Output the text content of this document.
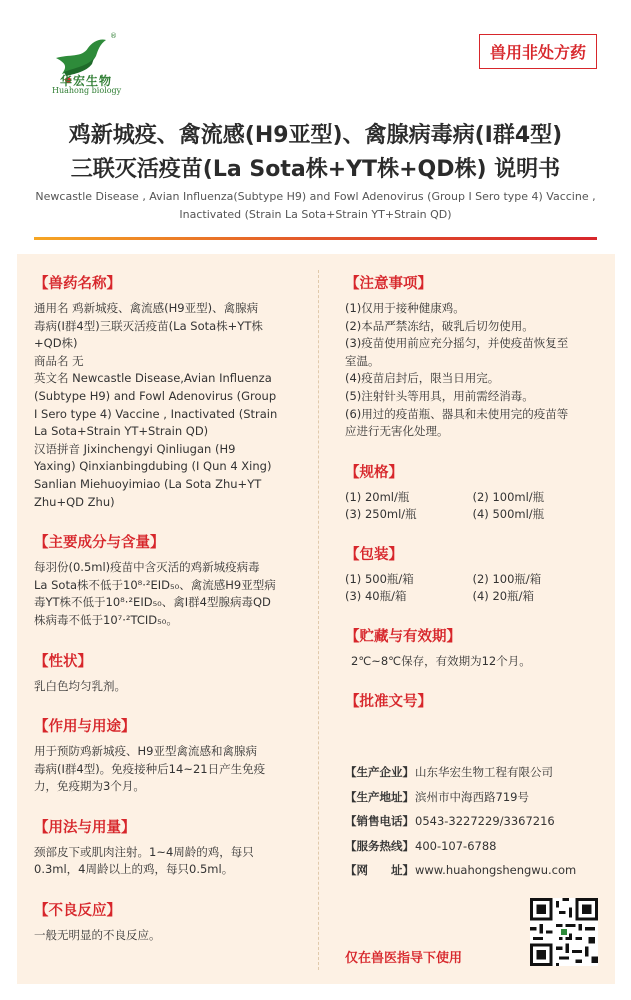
®
华宏生物
Huahong biology
兽用非处方药
鸡新城疫、禽流感(H9亚型)、禽腺病毒病(I群4型)
三联灭活疫苗(La Sota株+YT株+QD株) 说明书
Newcastle Disease , Avian Influenza(Subtype H9) and Fowl Adenovirus (Group I Sero type 4) Vaccine ,
Inactivated (Strain La Sota+Strain YT+Strain QD)
【兽药名称】
通用名 鸡新城疫、禽流感(H9亚型)、禽腺病
毒病(I群4型)三联灭活疫苗(La Sota株+YT株
+QD株)
商品名 无
英文名 Newcastle Disease,Avian Influenza
(Subtype H9) and Fowl Adenovirus (Group
I Sero type 4) Vaccine , Inactivated (Strain
La Sota+Strain YT+Strain QD)
汉语拼音 Jixinchengyi Qinliugan (H9
Yaxing) Qinxianbingdubing (I Qun 4 Xing)
Sanlian Miehuoyimiao (La Sota Zhu+YT
Zhu+QD Zhu)
【主要成分与含量】
每羽份(0.5ml)疫苗中含灭活的鸡新城疫病毒
La Sota株不低于10⁸·²EID₅₀、禽流感H9亚型病
毒YT株不低于10⁸·²EID₅₀、禽I群4型腺病毒QD
株病毒不低于10⁷·²TCID₅₀。
【性状】
乳白色均匀乳剂。
【作用与用途】
用于预防鸡新城疫、H9亚型禽流感和禽腺病
毒病(I群4型)。免疫接种后14~21日产生免疫
力，免疫期为3个月。
【用法与用量】
颈部皮下或肌肉注射。1~4周龄的鸡，每只
0.3ml，4周龄以上的鸡，每只0.5ml。
【不良反应】
一般无明显的不良反应。
【注意事项】
(1)仅用于接种健康鸡。
(2)本品严禁冻结，破乳后切勿使用。
(3)疫苗使用前应充分摇匀，并使疫苗恢复至
室温。
(4)疫苗启封后，限当日用完。
(5)注射针头等用具，用前需经消毒。
(6)用过的疫苗瓶、器具和未使用完的疫苗等
应进行无害化处理。
【规格】
(1) 20ml/瓶	(2) 100ml/瓶
(3) 250ml/瓶	(4) 500ml/瓶
【包装】
(1) 500瓶/箱	(2) 100瓶/箱
(3) 40瓶/箱	(4) 20瓶/箱
【贮藏与有效期】
2℃~8℃保存，有效期为12个月。
【批准文号】
【生产企业】 山东华宏生物工程有限公司
【生产地址】 滨州市中海西路719号
【销售电话】 0543-3227229/3367216
【服务热线】 400-107-6788
【网　　址】 www.huahongshengwu.com
仅在兽医指导下使用
